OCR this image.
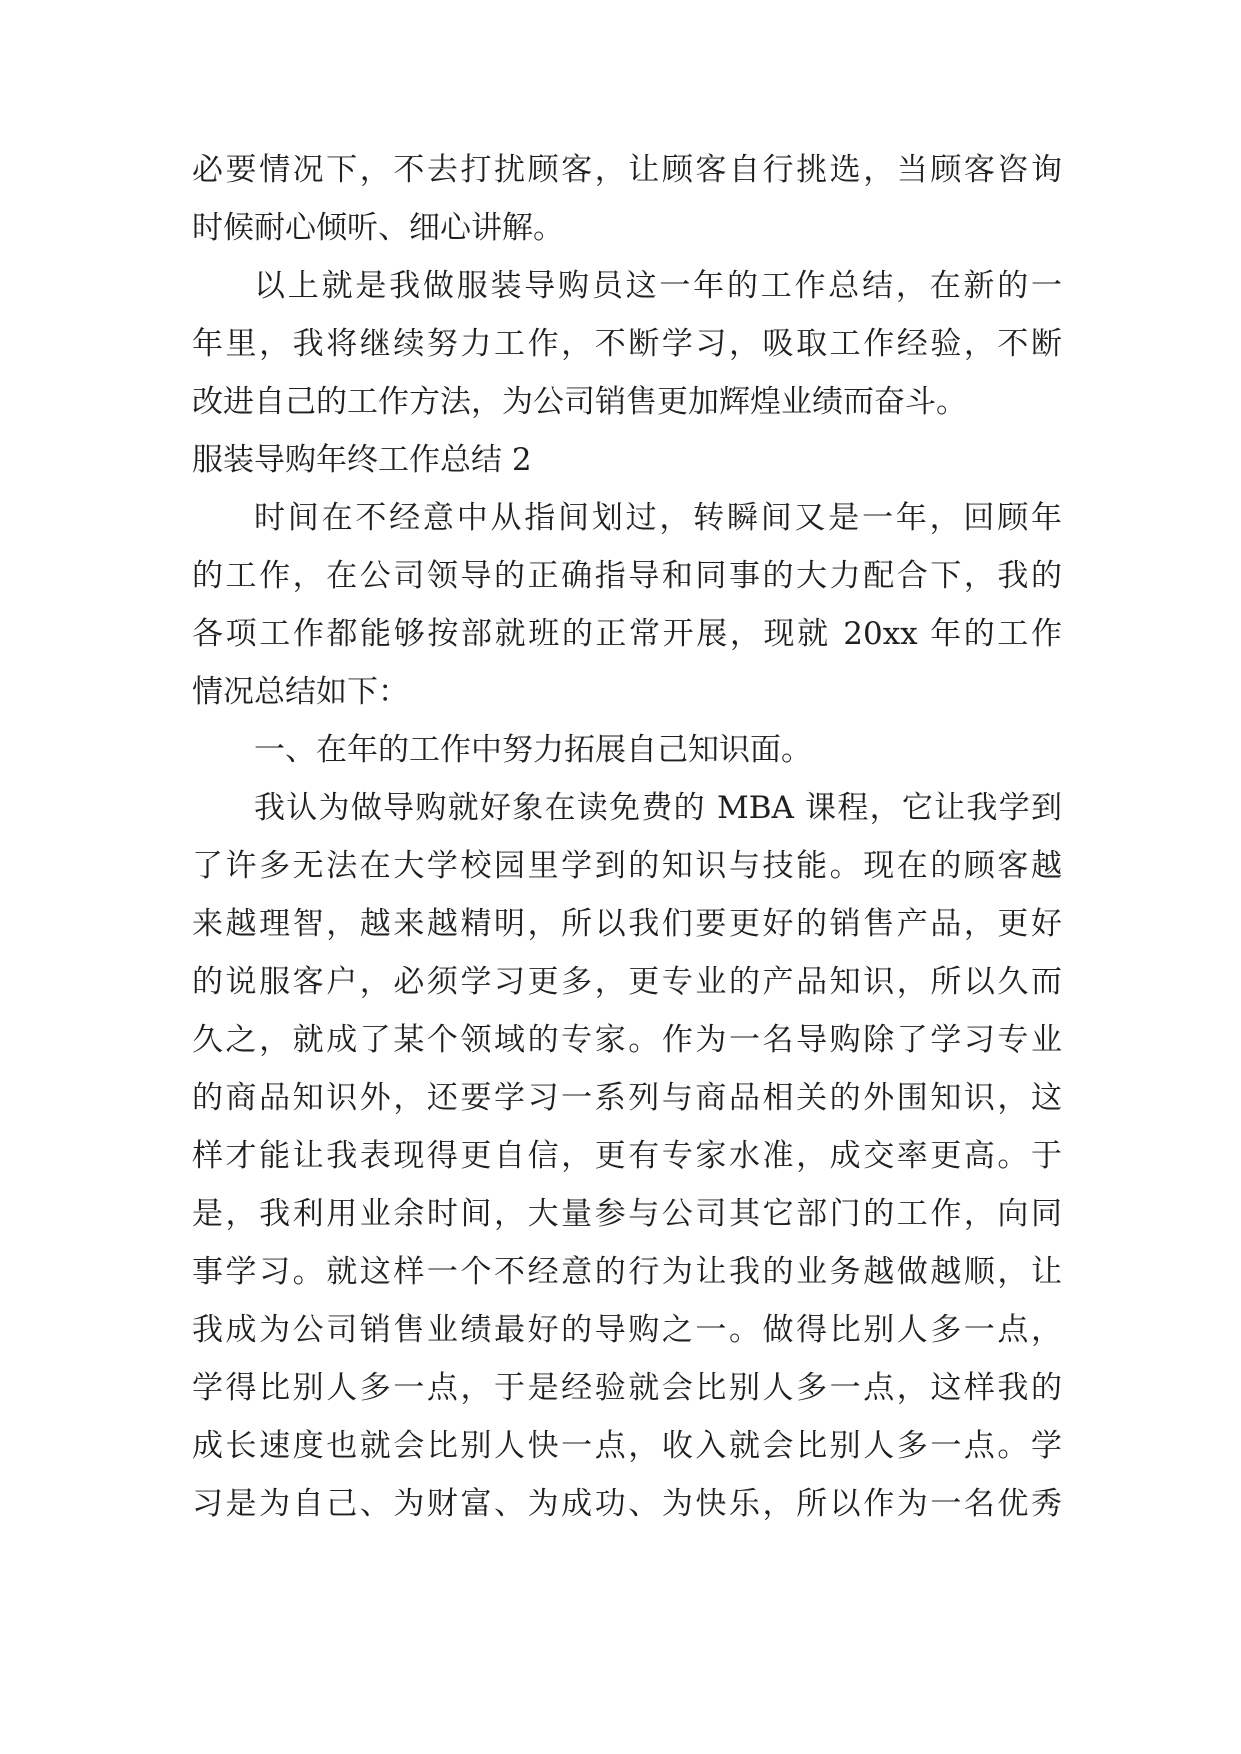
必要情况下，不去打扰顾客，让顾客自行挑选，当顾客咨询
时候耐心倾听、细心讲解。
以上就是我做服装导购员这一年的工作总结，在新的一
年里，我将继续努力工作，不断学习，吸取工作经验，不断
改进自己的工作方法，为公司销售更加辉煌业绩而奋斗。
服装导购年终工作总结 2
时间在不经意中从指间划过，转瞬间又是一年，回顾年
的工作，在公司领导的正确指导和同事的大力配合下，我的
各项工作都能够按部就班的正常开展，现就 20xx 年的工作
情况总结如下：
一、在年的工作中努力拓展自己知识面。
我认为做导购就好象在读免费的 MBA 课程，它让我学到
了许多无法在大学校园里学到的知识与技能。现在的顾客越
来越理智，越来越精明，所以我们要更好的销售产品，更好
的说服客户，必须学习更多，更专业的产品知识，所以久而
久之，就成了某个领域的专家。作为一名导购除了学习专业
的商品知识外，还要学习一系列与商品相关的外围知识，这
样才能让我表现得更自信，更有专家水准，成交率更高。于
是，我利用业余时间，大量参与公司其它部门的工作，向同
事学习。就这样一个不经意的行为让我的业务越做越顺，让
我成为公司销售业绩最好的导购之一。做得比别人多一点，
学得比别人多一点，于是经验就会比别人多一点，这样我的
成长速度也就会比别人快一点，收入就会比别人多一点。学
习是为自己、为财富、为成功、为快乐，所以作为一名优秀
